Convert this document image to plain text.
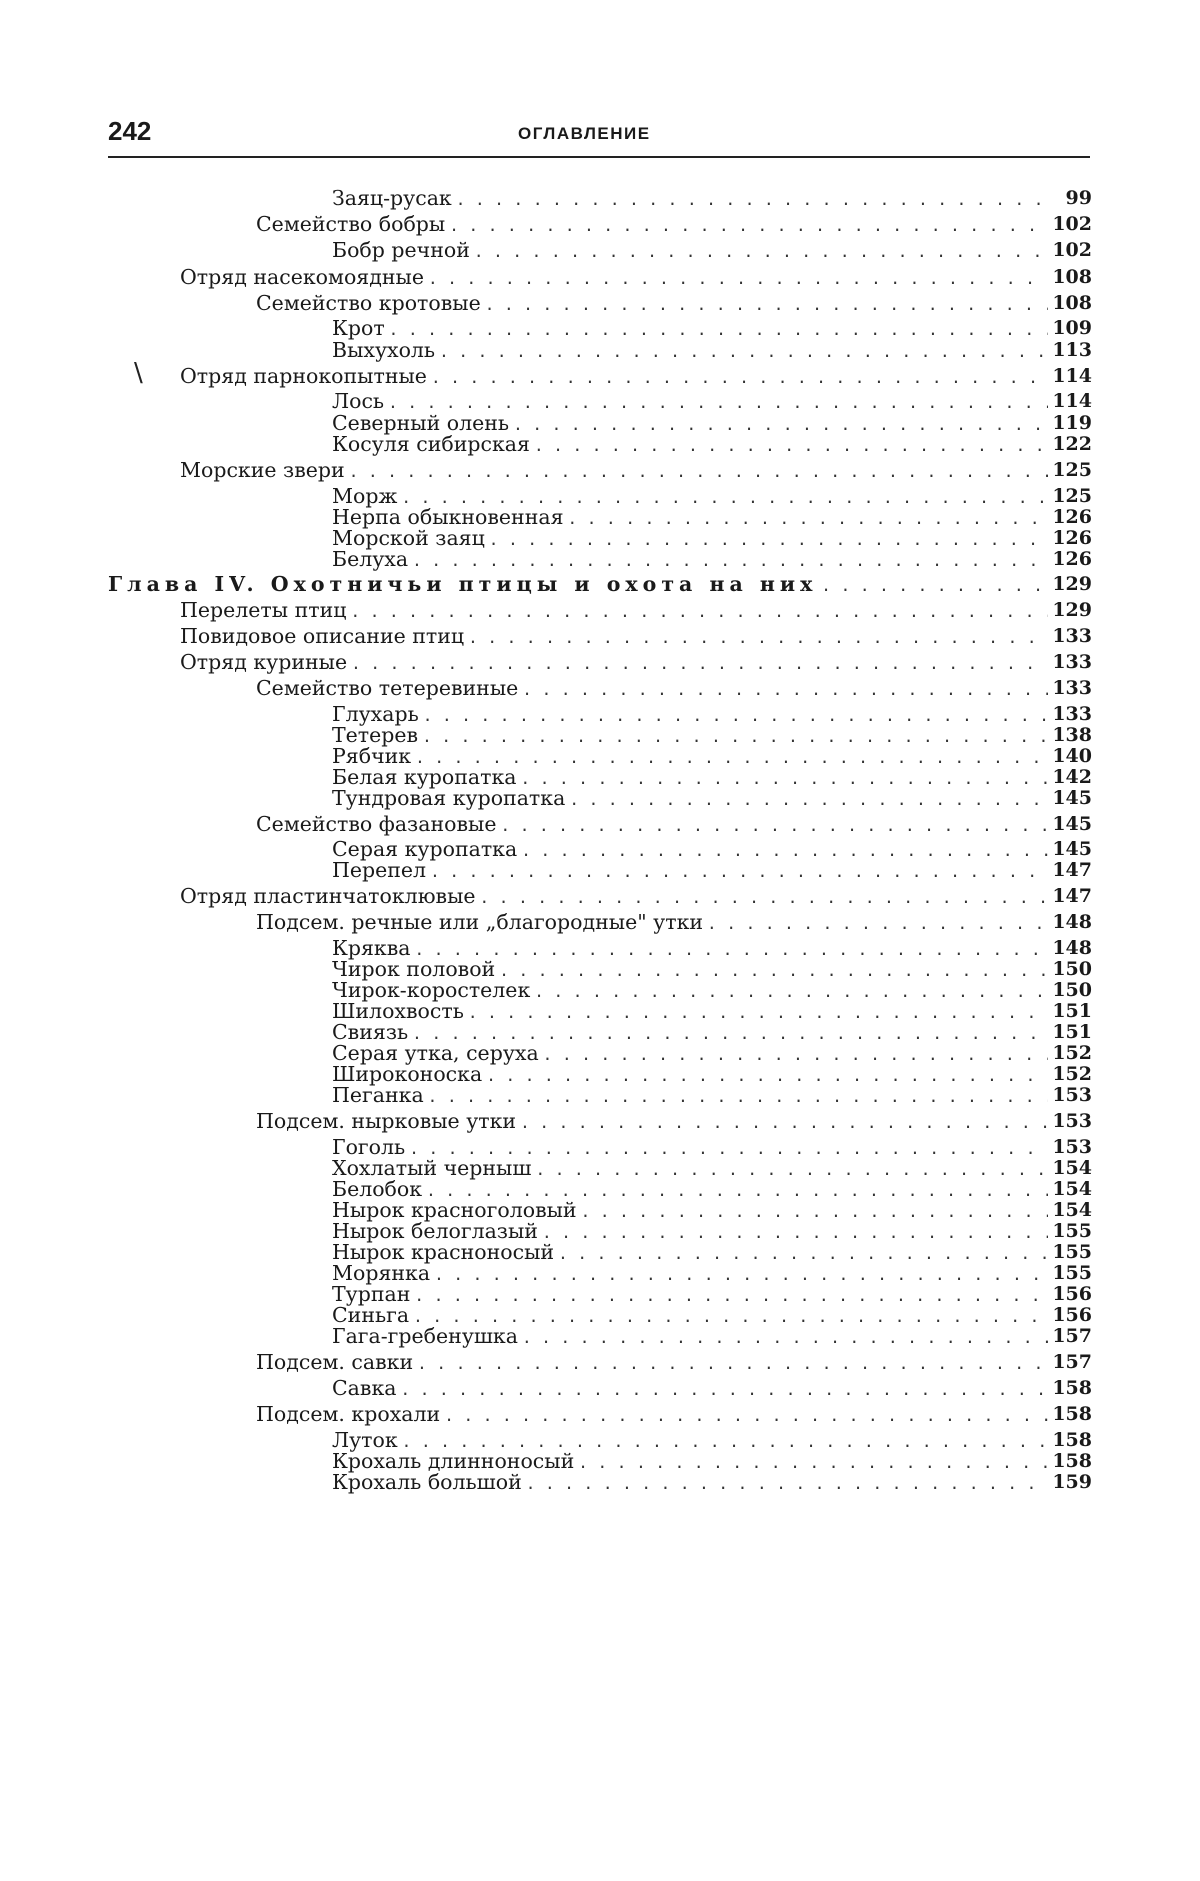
242	ОГЛАВЛЕНИЕ
\
Заяц-русак . . .	99
Семейство бобры . . .	102
Бобр речной . . .	102
Отряд насекомоядные . . .	108
Семейство кротовые . . .	108
Крот . . .	109
Выхухоль . . .	113
Отряд парнокопытные . . .	114
Лось . . .	114
Северный олень . . .	119
Косуля сибирская . . .	122
Морские звери . . .	125
Морж . . .	125
Нерпа обыкновенная . . .	126
Морской заяц . . .	126
Белуха . . .	126
Глава IV. Охотничьи птицы и охота на них . . .	129
Перелеты птиц . . .	129
Повидовое описание птиц . . .	133
Отряд куриные . . .	133
Семейство тетеревиные . . .	133
Глухарь . . .	133
Тетерев . . .	138
Рябчик . . .	140
Белая куропатка . . .	142
Тундровая куропатка . . .	145
Семейство фазановые . . .	145
Серая куропатка . . .	145
Перепел . . .	147
Отряд пластинчатоклювые . . .	147
Подсем. речные или „благородные" утки . . .	148
Кряква . . .	148
Чирок половой . . .	150
Чирок-коростелек . . .	150
Шилохвость . . .	151
Свиязь . . .	151
Серая утка, серуха . . .	152
Широконоска . . .	152
Пеганка . . .	153
Подсем. нырковые утки . . .	153
Гоголь . . .	153
Хохлатый черныш . . .	154
Белобок . . .	154
Нырок красноголовый . . .	154
Нырок белоглазый . . .	155
Нырок красноносый . . .	155
Морянка . . .	155
Турпан . . .	156
Синьга . . .	156
Гага-гребенушка . . .	157
Подсем. савки . . .	157
Савка . . .	158
Подсем. крохали . . .	158
Луток . . .	158
Крохаль длинноносый . . .	158
Крохаль большой . . .	159
